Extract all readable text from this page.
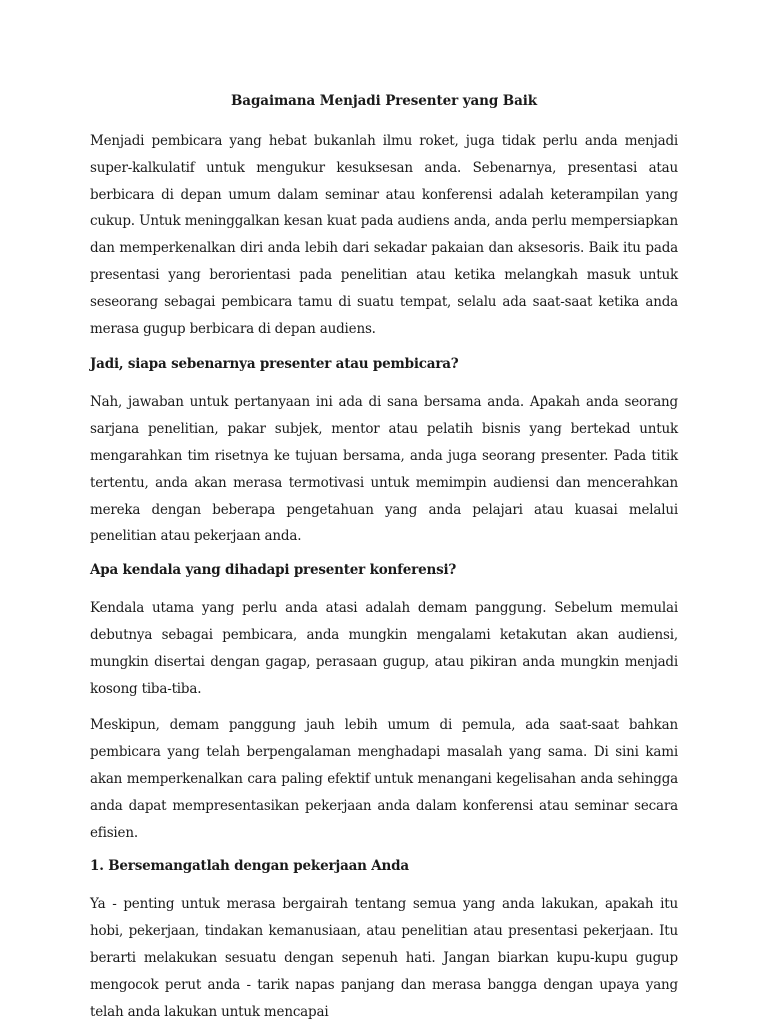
Bagaimana Menjadi Presenter yang Baik

Menjadi pembicara yang hebat bukanlah ilmu roket, juga tidak perlu anda menjadi super-kalkulatif untuk mengukur kesuksesan anda. Sebenarnya, presentasi atau berbicara di depan umum dalam seminar atau konferensi adalah keterampilan yang cukup. Untuk meninggalkan kesan kuat pada audiens anda, anda perlu mempersiapkan dan memperkenalkan diri anda lebih dari sekadar pakaian dan aksesoris. Baik itu pada presentasi yang berorientasi pada penelitian atau ketika melangkah masuk untuk seseorang sebagai pembicara tamu di suatu tempat, selalu ada saat-saat ketika anda merasa gugup berbicara di depan audiens.

Jadi, siapa sebenarnya presenter atau pembicara?

Nah, jawaban untuk pertanyaan ini ada di sana bersama anda. Apakah anda seorang sarjana penelitian, pakar subjek, mentor atau pelatih bisnis yang bertekad untuk mengarahkan tim risetnya ke tujuan bersama, anda juga seorang presenter. Pada titik tertentu, anda akan merasa termotivasi untuk memimpin audiensi dan mencerahkan mereka dengan beberapa pengetahuan yang anda pelajari atau kuasai melalui penelitian atau pekerjaan anda.

Apa kendala yang dihadapi presenter konferensi?

Kendala utama yang perlu anda atasi adalah demam panggung. Sebelum memulai debutnya sebagai pembicara, anda mungkin mengalami ketakutan akan audiensi, mungkin disertai dengan gagap, perasaan gugup, atau pikiran anda mungkin menjadi kosong tiba-tiba.

Meskipun, demam panggung jauh lebih umum di pemula, ada saat-saat bahkan pembicara yang telah berpengalaman menghadapi masalah yang sama. Di sini kami akan memperkenalkan cara paling efektif untuk menangani kegelisahan anda sehingga anda dapat mempresentasikan pekerjaan anda dalam konferensi atau seminar secara efisien.

1. Bersemangatlah dengan pekerjaan Anda

Ya - penting untuk merasa bergairah tentang semua yang anda lakukan, apakah itu hobi, pekerjaan, tindakan kemanusiaan, atau penelitian atau presentasi pekerjaan. Itu berarti melakukan sesuatu dengan sepenuh hati. Jangan biarkan kupu-kupu gugup mengocok perut anda - tarik napas panjang dan merasa bangga dengan upaya yang telah anda lakukan untuk mencapai
